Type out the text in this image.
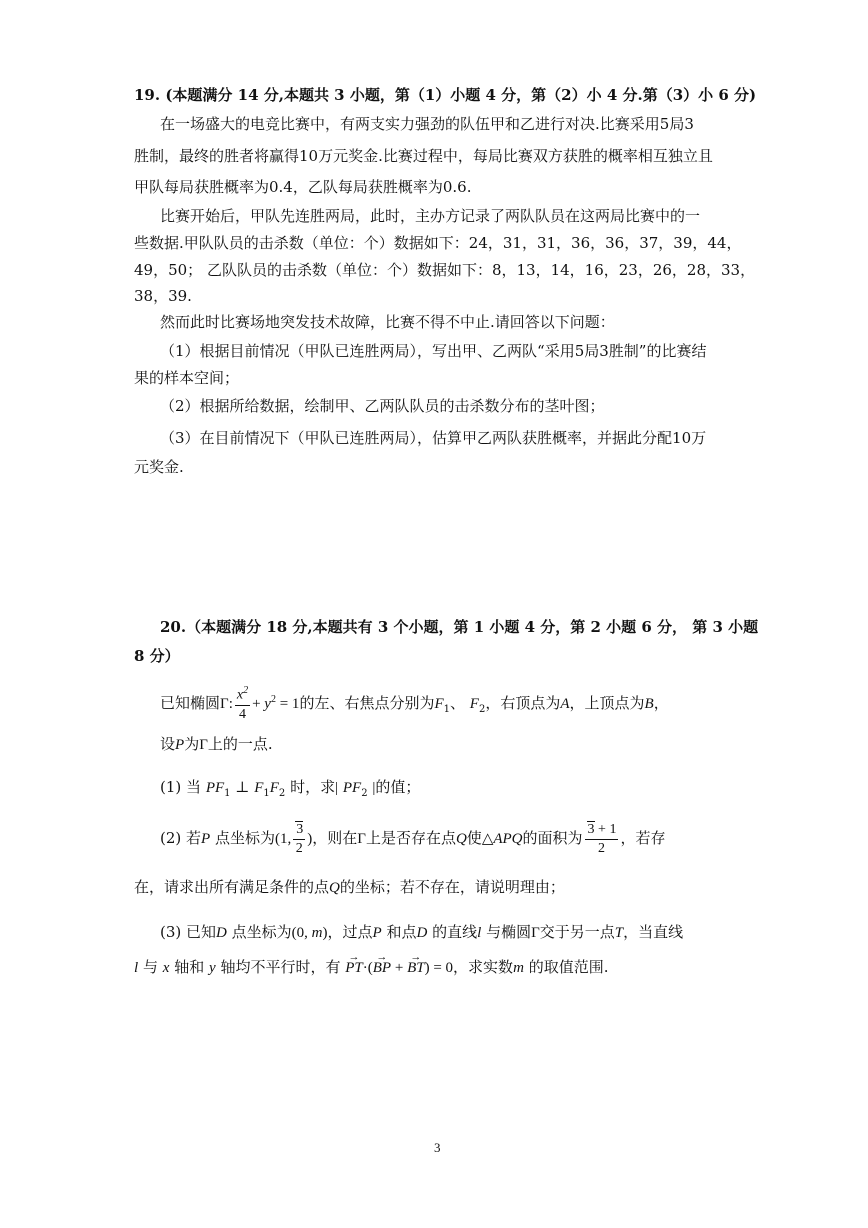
19. (本题满分 14 分,本题共 3 小题，第（1）小题 4 分，第（2）小 4 分.第（3）小 6 分)
在一场盛大的电竞比赛中，有两支实力强劲的队伍甲和乙进行对决.比赛采用5局3
胜制，最终的胜者将赢得10万元奖金.比赛过程中，每局比赛双方获胜的概率相互独立且
甲队每局获胜概率为0.4，乙队每局获胜概率为0.6.
比赛开始后，甲队先连胜两局，此时，主办方记录了两队队员在这两局比赛中的一
些数据.甲队队员的击杀数（单位：个）数据如下：24，31，31，36，36，37，39，44，
49，50； 乙队队员的击杀数（单位：个）数据如下：8，13，14，16，23，26，28，33，
38，39.
然而此时比赛场地突发技术故障，比赛不得不中止.请回答以下问题：
（1）根据目前情况（甲队已连胜两局），写出甲、乙两队“采用5局3胜制”的比赛结
果的样本空间；
（2）根据所给数据，绘制甲、乙两队队员的击杀数分布的茎叶图；
（3）在目前情况下（甲队已连胜两局），估算甲乙两队获胜概率，并据此分配10万
元奖金.
20.（本题满分 18 分,本题共有 3 个小题，第 1 小题 4 分，第 2 小题 6 分， 第 3 小题
8 分）
已知椭圆Γ: $\frac{x^2}{4} + y^2 = 1$的左、右焦点分别为$F_1$、 $F_2$，右顶点为A，上顶点为B，
设P为Γ上的一点.
(1) 当 $PF_1$ ⊥ $F_1F_2$ 时，求| $PF_2$ |的值；
(2) 若P 点坐标为(1, $\frac{3}{2}$ )，则在Γ上是否存在点Q使△APQ的面积为 $\frac{3 + 1}{2}$ ，若存
在，请求出所有满足条件的点Q的坐标；若不存在，请说明理由；
(3) 已知D 点坐标为(0, m)，过点P 和点D 的直线l 与椭圆Γ交于另一点T，当直线
l 与 x 轴和 y 轴均不平行时，有 → PT·(→ BP + → BT) = 0，求实数m 的取值范围.
3
